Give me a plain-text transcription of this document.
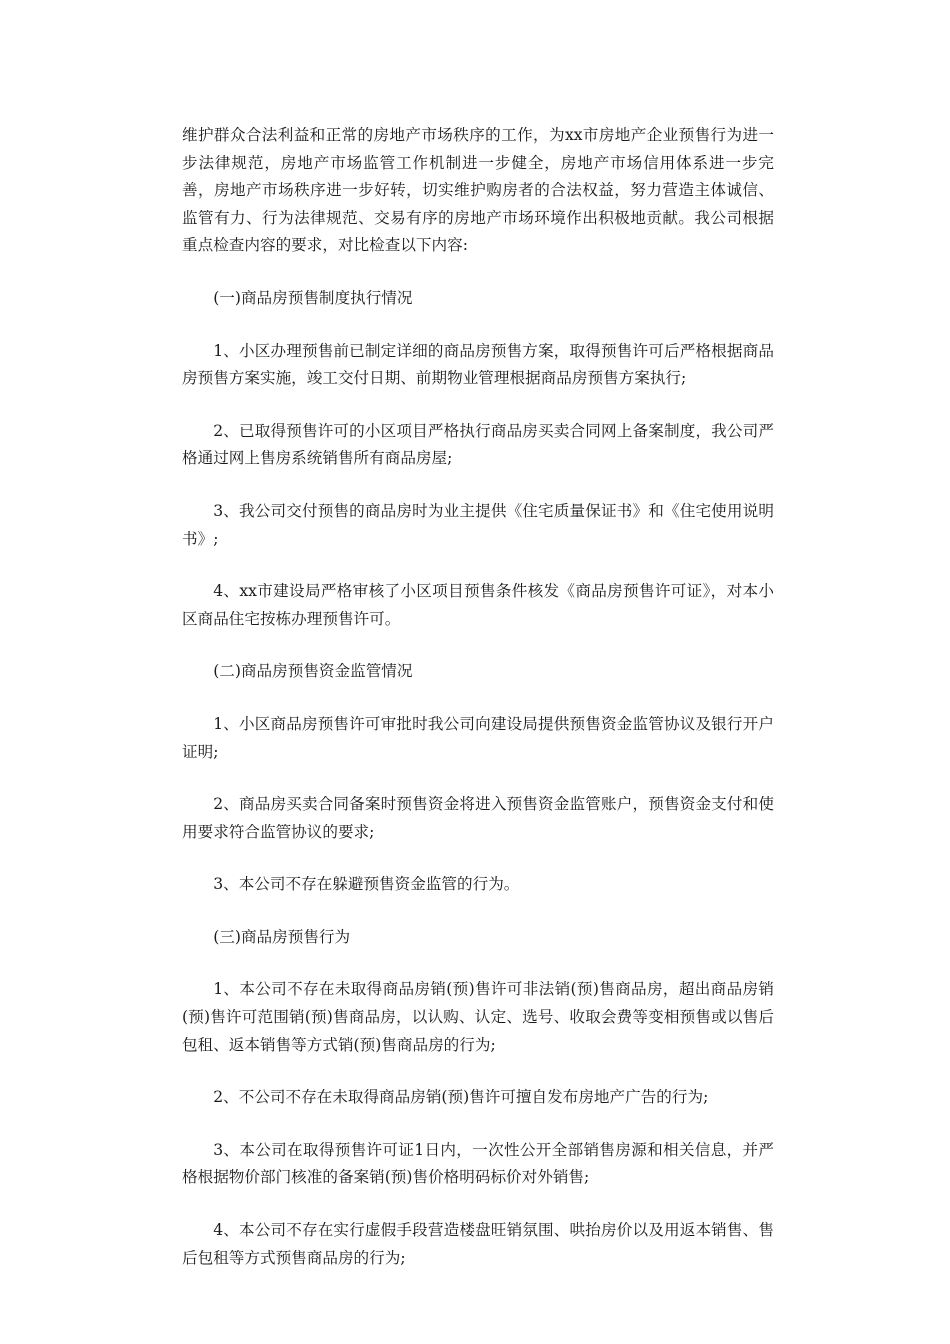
维护群众合法利益和正常的房地产市场秩序的工作，为xx市房地产企业预售行为进一步法律规范，房地产市场监管工作机制进一步健全，房地产市场信用体系进一步完善，房地产市场秩序进一步好转，切实维护购房者的合法权益，努力营造主体诚信、监管有力、行为法律规范、交易有序的房地产市场环境作出积极地贡献。我公司根据重点检查内容的要求，对比检查以下内容:

(一)商品房预售制度执行情况

1、小区办理预售前已制定详细的商品房预售方案，取得预售许可后严格根据商品房预售方案实施，竣工交付日期、前期物业管理根据商品房预售方案执行;

2、已取得预售许可的小区项目严格执行商品房买卖合同网上备案制度，我公司严格通过网上售房系统销售所有商品房屋;

3、我公司交付预售的商品房时为业主提供《住宅质量保证书》和《住宅使用说明书》;

4、xx市建设局严格审核了小区项目预售条件核发《商品房预售许可证》，对本小区商品住宅按栋办理预售许可。

(二)商品房预售资金监管情况

1、小区商品房预售许可审批时我公司向建设局提供预售资金监管协议及银行开户证明;

2、商品房买卖合同备案时预售资金将进入预售资金监管账户，预售资金支付和使用要求符合监管协议的要求;

3、本公司不存在躲避预售资金监管的行为。

(三)商品房预售行为

1、本公司不存在未取得商品房销(预)售许可非法销(预)售商品房，超出商品房销(预)售许可范围销(预)售商品房，以认购、认定、选号、收取会费等变相预售或以售后包租、返本销售等方式销(预)售商品房的行为;

2、不公司不存在未取得商品房销(预)售许可擅自发布房地产广告的行为;

3、本公司在取得预售许可证1日内，一次性公开全部销售房源和相关信息，并严格根据物价部门核准的备案销(预)售价格明码标价对外销售;

4、本公司不存在实行虚假手段营造楼盘旺销氛围、哄抬房价以及用返本销售、售后包租等方式预售商品房的行为;
